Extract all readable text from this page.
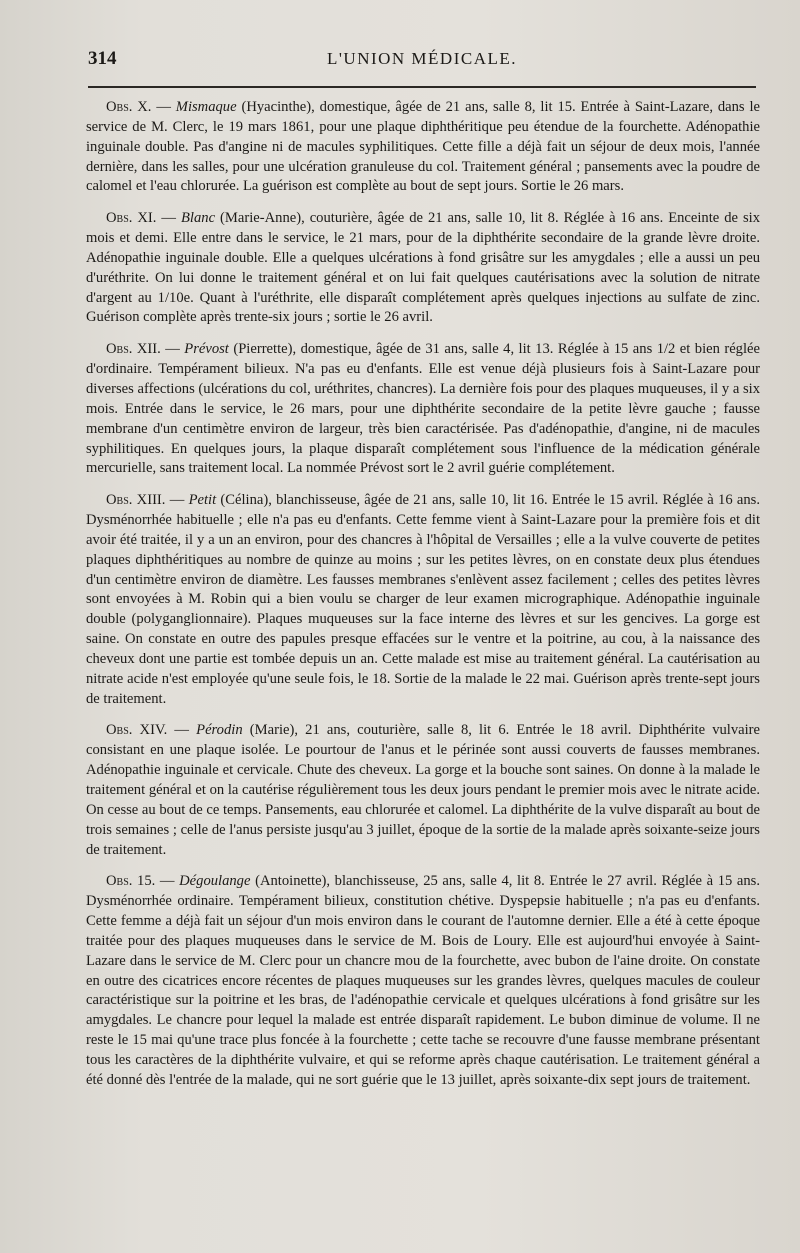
314	L'UNION MÉDICALE.

Obs. X. — Mismaque (Hyacinthe), domestique, âgée de 21 ans, salle 8, lit 15. Entrée à Saint-Lazare, dans le service de M. Clerc, le 19 mars 1861, pour une plaque diphthéritique peu étendue de la fourchette. Adénopathie inguinale double. Pas d'angine ni de macules syphilitiques. Cette fille a déjà fait un séjour de deux mois, l'année dernière, dans les salles, pour une ulcération granuleuse du col. Traitement général ; pansements avec la poudre de calomel et l'eau chlorurée. La guérison est complète au bout de sept jours. Sortie le 26 mars.

Obs. XI. — Blanc (Marie-Anne), couturière, âgée de 21 ans, salle 10, lit 8. Réglée à 16 ans. Enceinte de six mois et demi. Elle entre dans le service, le 21 mars, pour de la diphthérite secondaire de la grande lèvre droite. Adénopathie inguinale double. Elle a quelques ulcérations à fond grisâtre sur les amygdales ; elle a aussi un peu d'uréthrite. On lui donne le traitement général et on lui fait quelques cautérisations avec la solution de nitrate d'argent au 1/10e. Quant à l'uréthrite, elle disparaît complétement après quelques injections au sulfate de zinc. Guérison complète après trente-six jours ; sortie le 26 avril.

Obs. XII. — Prévost (Pierrette), domestique, âgée de 31 ans, salle 4, lit 13. Réglée à 15 ans 1/2 et bien réglée d'ordinaire. Tempérament bilieux. N'a pas eu d'enfants. Elle est venue déjà plusieurs fois à Saint-Lazare pour diverses affections (ulcérations du col, uréthrites, chancres). La dernière fois pour des plaques muqueuses, il y a six mois. Entrée dans le service, le 26 mars, pour une diphthérite secondaire de la petite lèvre gauche ; fausse membrane d'un centimètre environ de largeur, très bien caractérisée. Pas d'adénopathie, d'angine, ni de macules syphilitiques. En quelques jours, la plaque disparaît complétement sous l'influence de la médication générale mercurielle, sans traitement local. La nommée Prévost sort le 2 avril guérie complétement.

Obs. XIII. — Petit (Célina), blanchisseuse, âgée de 21 ans, salle 10, lit 16. Entrée le 15 avril. Réglée à 16 ans. Dysménorrhée habituelle ; elle n'a pas eu d'enfants. Cette femme vient à Saint-Lazare pour la première fois et dit avoir été traitée, il y a un an environ, pour des chancres à l'hôpital de Versailles ; elle a la vulve couverte de petites plaques diphthéritiques au nombre de quinze au moins ; sur les petites lèvres, on en constate deux plus étendues d'un centimètre environ de diamètre. Les fausses membranes s'enlèvent assez facilement ; celles des petites lèvres sont envoyées à M. Robin qui a bien voulu se charger de leur examen micrographique. Adénopathie inguinale double (polyganglionnaire). Plaques muqueuses sur la face interne des lèvres et sur les gencives. La gorge est saine. On constate en outre des papules presque effacées sur le ventre et la poitrine, au cou, à la naissance des cheveux dont une partie est tombée depuis un an. Cette malade est mise au traitement général. La cautérisation au nitrate acide n'est employée qu'une seule fois, le 18. Sortie de la malade le 22 mai. Guérison après trente-sept jours de traitement.

Obs. XIV. — Pérodin (Marie), 21 ans, couturière, salle 8, lit 6. Entrée le 18 avril. Diphthérite vulvaire consistant en une plaque isolée. Le pourtour de l'anus et le périnée sont aussi couverts de fausses membranes. Adénopathie inguinale et cervicale. Chute des cheveux. La gorge et la bouche sont saines. On donne à la malade le traitement général et on la cautérise régulièrement tous les deux jours pendant le premier mois avec le nitrate acide. On cesse au bout de ce temps. Pansements, eau chlorurée et calomel. La diphthérite de la vulve disparaît au bout de trois semaines ; celle de l'anus persiste jusqu'au 3 juillet, époque de la sortie de la malade après soixante-seize jours de traitement.

Obs. 15. — Dégoulange (Antoinette), blanchisseuse, 25 ans, salle 4, lit 8. Entrée le 27 avril. Réglée à 15 ans. Dysménorrhée ordinaire. Tempérament bilieux, constitution chétive. Dyspepsie habituelle ; n'a pas eu d'enfants. Cette femme a déjà fait un séjour d'un mois environ dans le courant de l'automne dernier. Elle a été à cette époque traitée pour des plaques muqueuses dans le service de M. Bois de Loury. Elle est aujourd'hui envoyée à Saint-Lazare dans le service de M. Clerc pour un chancre mou de la fourchette, avec bubon de l'aine droite. On constate en outre des cicatrices encore récentes de plaques muqueuses sur les grandes lèvres, quelques macules de couleur caractéristique sur la poitrine et les bras, de l'adénopathie cervicale et quelques ulcérations à fond grisâtre sur les amygdales. Le chancre pour lequel la malade est entrée disparaît rapidement. Le bubon diminue de volume. Il ne reste le 15 mai qu'une trace plus foncée à la fourchette ; cette tache se recouvre d'une fausse membrane présentant tous les caractères de la diphthérite vulvaire, et qui se reforme après chaque cautérisation. Le traitement général a été donné dès l'entrée de la malade, qui ne sort guérie que le 13 juillet, après soixante-dix sept jours de traitement.
